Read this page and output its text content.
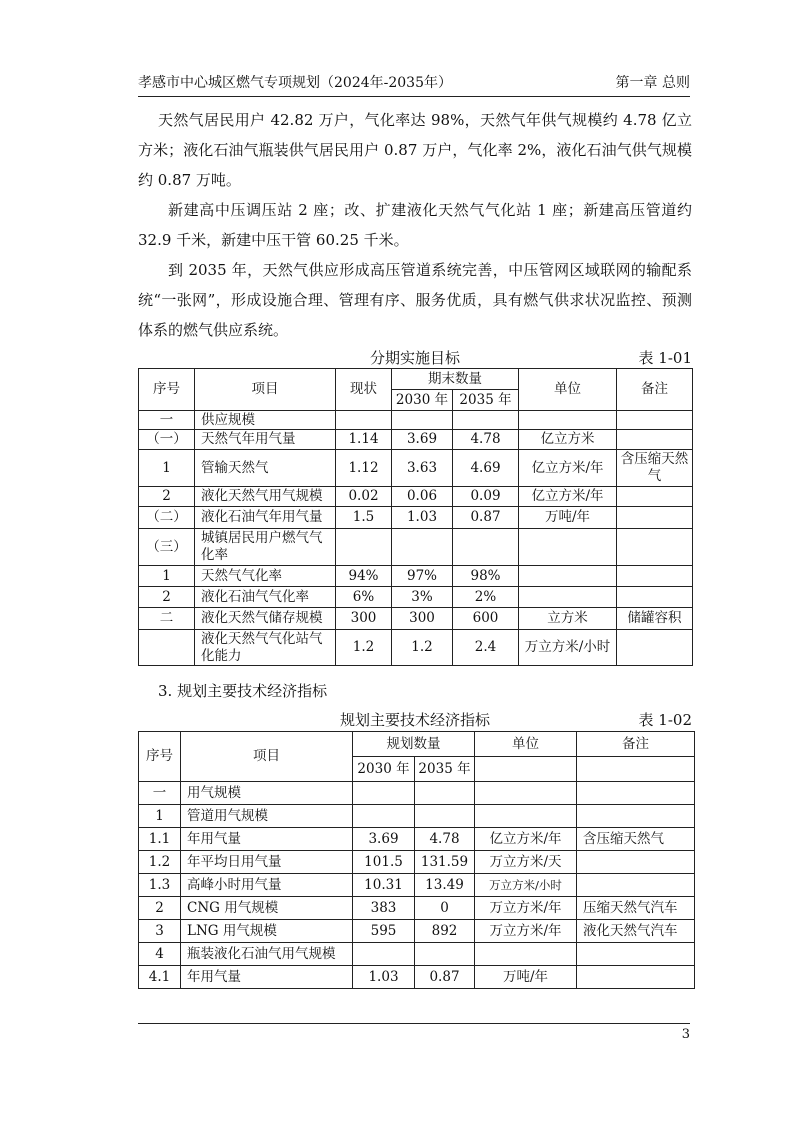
孝感市中心城区燃气专项规划（2024年-2035年）	第一章 总则

天然气居民用户 42.82 万户，气化率达 98%，天然气年供气规模约 4.78 亿立方米；液化石油气瓶装供气居民用户 0.87 万户，气化率 2%，液化石油气供气规模约 0.87 万吨。

新建高中压调压站 2 座；改、扩建液化天然气气化站 1 座；新建高压管道约 32.9 千米，新建中压干管 60.25 千米。

到 2035 年，天然气供应形成高压管道系统完善，中压管网区域联网的输配系统“一张网”，形成设施合理、管理有序、服务优质，具有燃气供求状况监控、预测体系的燃气供应系统。

分期实施目标	表 1-01
序号	项目	现状	期末数量		单位	备注
			2030 年	2035 年		
一	供应规模					
（一）	天然气年用气量	1.14	3.69	4.78	亿立方米	
1	管输天然气	1.12	3.63	4.69	亿立方米/年	含压缩天然气
2	液化天然气用气规模	0.02	0.06	0.09	亿立方米/年	
（二）	液化石油气年用气量	1.5	1.03	0.87	万吨/年	
（三）	城镇居民用户燃气气化率					
1	天然气气化率	94%	97%	98%		
2	液化石油气气化率	6%	3%	2%		
二	液化天然气储存规模	300	300	600	立方米	储罐容积
	液化天然气气化站气化能力	1.2	1.2	2.4	万立方米/小时	
3. 规划主要技术经济指标
规划主要技术经济指标	表 1-02
序号	项目	规划数量		单位	备注
		2030 年	2035 年		
一	用气规模				
1	管道用气规模				
1.1	年用气量	3.69	4.78	亿立方米/年	含压缩天然气
1.2	年平均日用气量	101.5	131.59	万立方米/天	
1.3	高峰小时用气量	10.31	13.49	万立方米/小时	
2	CNG 用气规模	383	0	万立方米/年	压缩天然气汽车
3	LNG 用气规模	595	892	万立方米/年	液化天然气汽车
4	瓶装液化石油气用气规模				
4.1	年用气量	1.03	0.87	万吨/年	
3
